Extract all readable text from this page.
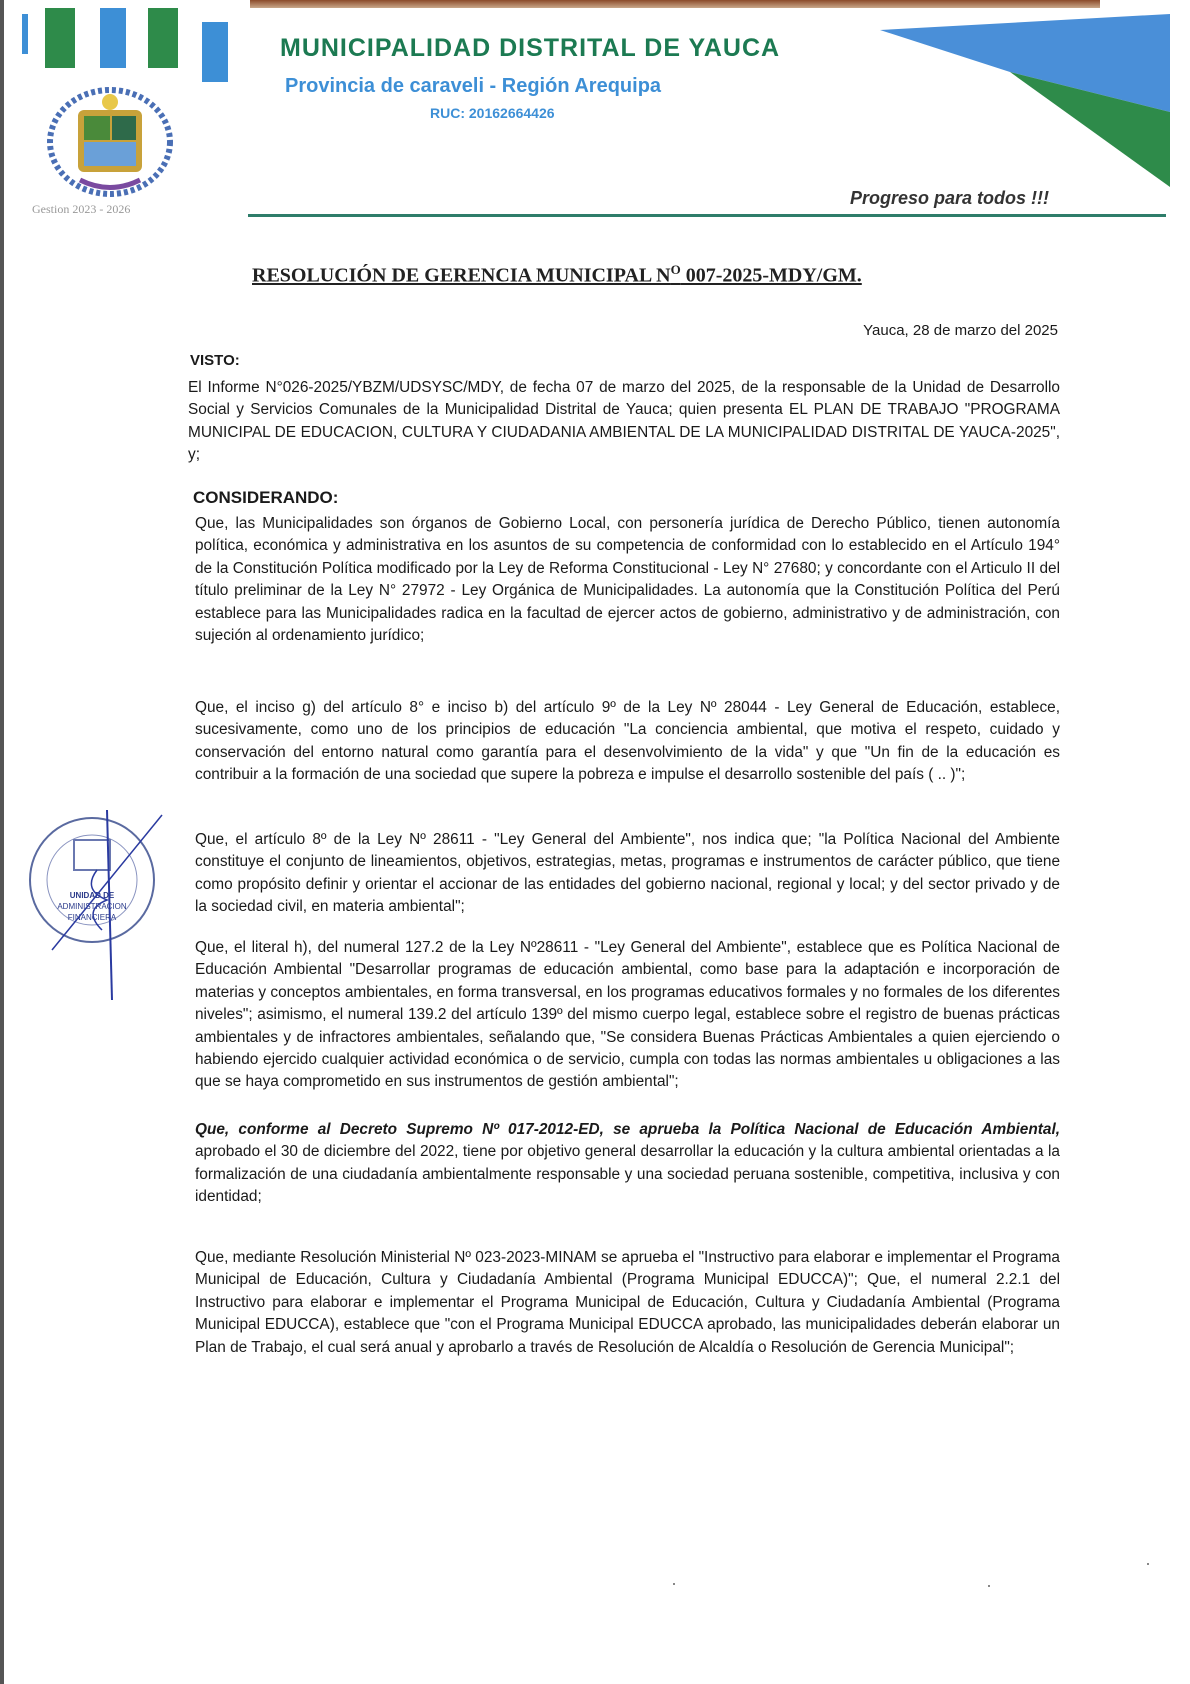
Gestion 2023 - 2026
MUNICIPALIDAD DISTRITAL DE YAUCA
Provincia de caraveli - Región Arequipa
RUC: 20162664426
Progreso para todos !!!
RESOLUCIÓN DE GERENCIA MUNICIPAL $N^O$ 007-2025-MDY/GM.
Yauca, 28 de marzo del 2025
VISTO:
El Informe N°026-2025/YBZM/UDSYSC/MDY, de fecha 07 de marzo del 2025, de la responsable de la Unidad de Desarrollo Social y Servicios Comunales de la Municipalidad Distrital de Yauca; quien presenta EL PLAN DE TRABAJO "PROGRAMA MUNICIPAL DE EDUCACION, CULTURA Y CIUDADANIA AMBIENTAL DE LA MUNICIPALIDAD DISTRITAL DE YAUCA-2025", y;
CONSIDERANDO:
Que, las Municipalidades son órganos de Gobierno Local, con personería jurídica de Derecho Público, tienen autonomía política, económica y administrativa en los asuntos de su competencia de conformidad con lo establecido en el Artículo 194° de la Constitución Política modificado por la Ley de Reforma Constitucional - Ley N° 27680; y concordante con el Articulo II del título preliminar de la Ley N° 27972 - Ley Orgánica de Municipalidades. La autonomía que la Constitución Política del Perú establece para las Municipalidades radica en la facultad de ejercer actos de gobierno, administrativo y de administración, con sujeción al ordenamiento jurídico;
Que, el inciso g) del artículo 8° e inciso b) del artículo 9º de la Ley Nº 28044 - Ley General de Educación, establece, sucesivamente, como uno de los principios de educación "La conciencia ambiental, que motiva el respeto, cuidado y conservación del entorno natural como garantía para el desenvolvimiento de la vida" y que "Un fin de la educación es contribuir a la formación de una sociedad que supere la pobreza e impulse el desarrollo sostenible del país ( .. )";
Que, el artículo 8º de la Ley Nº 28611 - "Ley General del Ambiente", nos indica que; "la Política Nacional del Ambiente constituye el conjunto de lineamientos, objetivos, estrategias, metas, programas e instrumentos de carácter público, que tiene como propósito definir y orientar el accionar de las entidades del gobierno nacional, regional y local; y del sector privado y de la sociedad civil, en materia ambiental";
Que, el literal h), del numeral 127.2 de la Ley Nº28611 - "Ley General del Ambiente", establece que es Política Nacional de Educación Ambiental "Desarrollar programas de educación ambiental, como base para la adaptación e incorporación de materias y conceptos ambientales, en forma transversal, en los programas educativos formales y no formales de los diferentes niveles"; asimismo, el numeral 139.2 del artículo 139º del mismo cuerpo legal, establece sobre el registro de buenas prácticas ambientales y de infractores ambientales, señalando que, "Se considera Buenas Prácticas Ambientales a quien ejerciendo o habiendo ejercido cualquier actividad económica o de servicio, cumpla con todas las normas ambientales u obligaciones a las que se haya comprometido en sus instrumentos de gestión ambiental";
Que, conforme al Decreto Supremo Nº 017-2012-ED, se aprueba la Política Nacional de Educación Ambiental, aprobado el 30 de diciembre del 2022, tiene por objetivo general desarrollar la educación y la cultura ambiental orientadas a la formalización de una ciudadanía ambientalmente responsable y una sociedad peruana sostenible, competitiva, inclusiva y con identidad;
Que, mediante Resolución Ministerial Nº 023-2023-MINAM se aprueba el "Instructivo para elaborar e implementar el Programa Municipal de Educación, Cultura y Ciudadanía Ambiental (Programa Municipal EDUCCA)"; Que, el numeral 2.2.1 del Instructivo para elaborar e implementar el Programa Municipal de Educación, Cultura y Ciudadanía Ambiental (Programa Municipal EDUCCA), establece que "con el Programa Municipal EDUCCA aprobado, las municipalidades deberán elaborar un Plan de Trabajo, el cual será anual y aprobarlo a través de Resolución de Alcaldía o Resolución de Gerencia Municipal";
UNIDAD DE
ADMINISTRACION
FINANCIERA
